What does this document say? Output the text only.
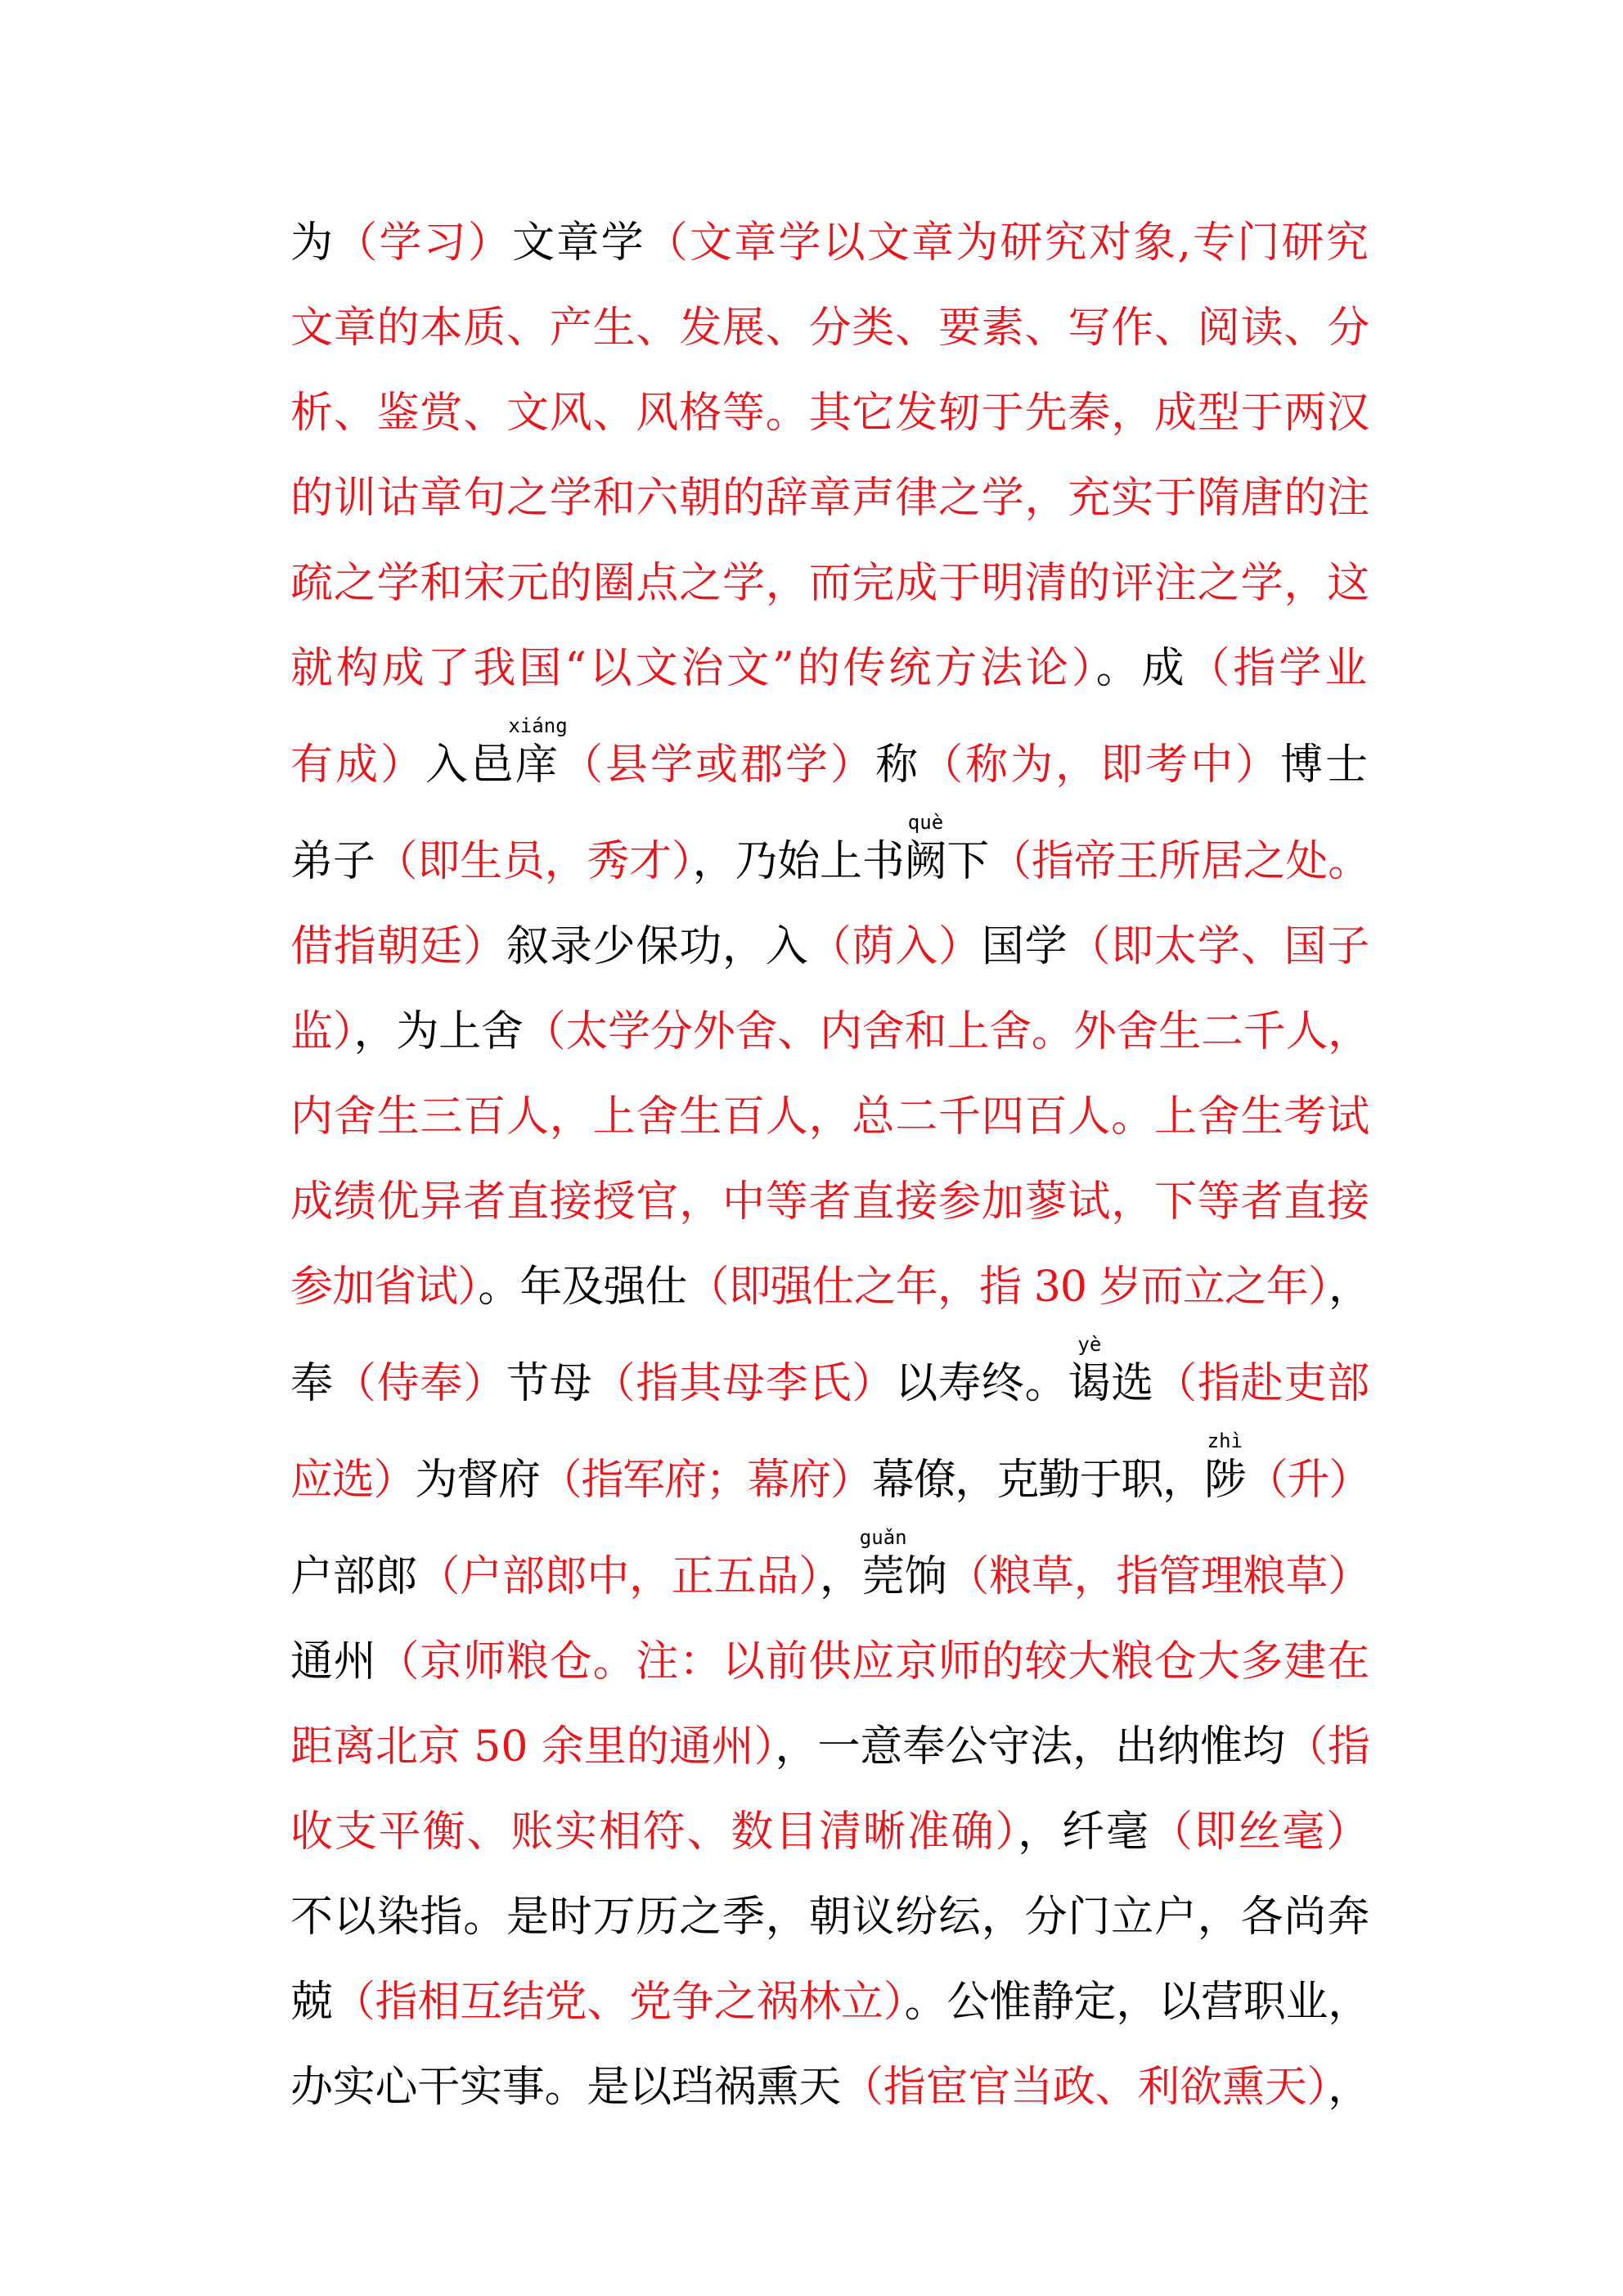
为（学习）文章学（文章学以文章为研究对象,专门研究
文章的本质、产生、发展、分类、要素、写作、阅读、分
析、鉴赏、文风、风格等。其它发轫于先秦，成型于两汉
的训诂章句之学和六朝的辞章声律之学，充实于隋唐的注
疏之学和宋元的圈点之学，而完成于明清的评注之学，这
就构成了我国“以文治文”的传统方法论）。成（指学业
有成）入邑
xiáng
庠（县学或郡学）称（称为，即考中）博士
弟子（即生员，秀才），乃始上书
què
阙下（指帝王所居之处。
借指朝廷）叙录少保功，入（荫入）国学（即太学、国子
监），为上舍（太学分外舍、内舍和上舍。外舍生二千人，
内舍生三百人，上舍生百人，总二千四百人。上舍生考试
成绩优异者直接授官，中等者直接参加蓼试，下等者直接
参加省试）。年及强仕（即强仕之年，指 30 岁而立之年），
奉（侍奉）节母（指其母李氏）以寿终。
yè
谒选（指赴吏部
应选）为督府（指军府；幕府）幕僚，克勤于职，
zhì
陟（升）
户部郎（户部郎中，正五品），
guǎn
莞饷（粮草，指管理粮草）
通州（京师粮仓。注：以前供应京师的较大粮仓大多建在
距离北京 50 余里的通州），一意奉公守法，出纳惟均（指
收支平衡、账实相符、数目清晰准确），纤毫（即丝毫）
不以染指。是时万历之季，朝议纷纭，分门立户，各尚奔
兢（指相互结党、党争之祸林立）。公惟静定，以营职业，
办实心干实事。是以珰祸熏天（指宦官当政、利欲熏天），
